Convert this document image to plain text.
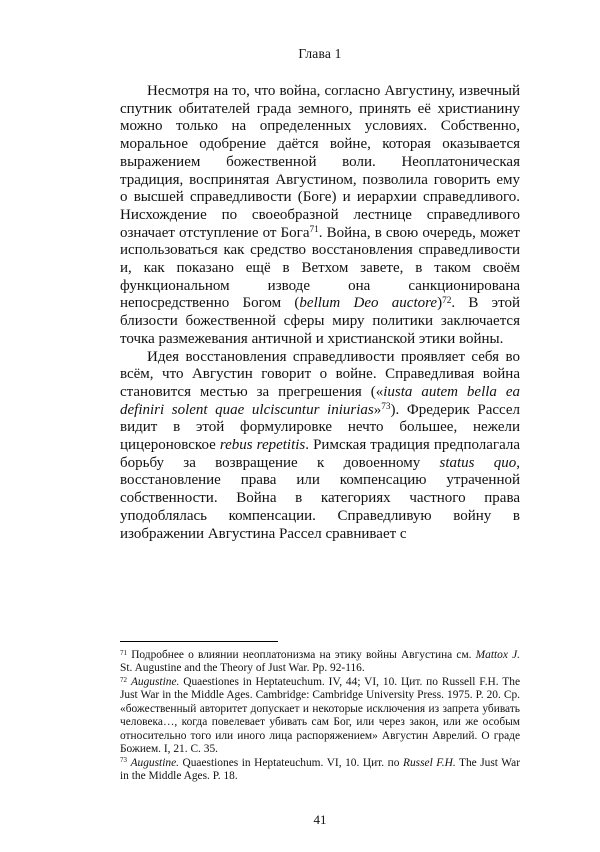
Глава 1

Несмотря на то, что война, согласно Августину, извечный спутник обитателей града земного, принять её христианину можно только на определенных условиях. Собственно, моральное одобрение даётся войне, которая оказывается выражением божественной воли. Неоплатоническая традиция, воспринятая Августином, позволила говорить ему о высшей справедливости (Боге) и иерархии справедливого. Нисхождение по своеобразной лестнице справедливого означает отступление от Бога$^{71}$. Война, в свою очередь, может использоваться как средство восстановления справедливости и, как показано ещё в Ветхом завете, в таком своём функциональном изводе она санкционирована непосредственно Богом (bellum Deo auctore)$^{72}$. В этой близости божественной сферы миру политики заключается точка размежевания античной и христианской этики войны.

Идея восстановления справедливости проявляет себя во всём, что Августин говорит о войне. Справедливая война становится местью за прегрешения («iusta autem bella ea definiri solent quae ulciscuntur iniurias»$^{73}$). Фредерик Рассел видит в этой формулировке нечто большее, нежели цицероновское rebus repetitis. Римская традиция предполагала борьбу за возвращение к довоенному status quo, восстановление права или компенсацию утраченной собственности. Война в категориях частного права уподоблялась компенсации. Справедливую войну в изображении Августина Рассел сравнивает с

$^{71}$ Подробнее о влиянии неоплатонизма на этику войны Августина см. Mattox J. St. Augustine and the Theory of Just War. Pp. 92-116.

$^{72}$ Augustine. Quaestiones in Heptateuchum. IV, 44; VI, 10. Цит. по Russell F.H. The Just War in the Middle Ages. Cambridge: Cambridge University Press. 1975. P. 20. Ср. «божественный авторитет допускает и некоторые исключения из запрета убивать человека…, когда повелевает убивать сам Бог, или через закон, или же особым относительно того или иного лица распоряжением» Августин Аврелий. О граде Божием. I, 21. С. 35.

$^{73}$ Augustine. Quaestiones in Heptateuchum. VI, 10. Цит. по Russel F.H. The Just War in the Middle Ages. P. 18.

41
